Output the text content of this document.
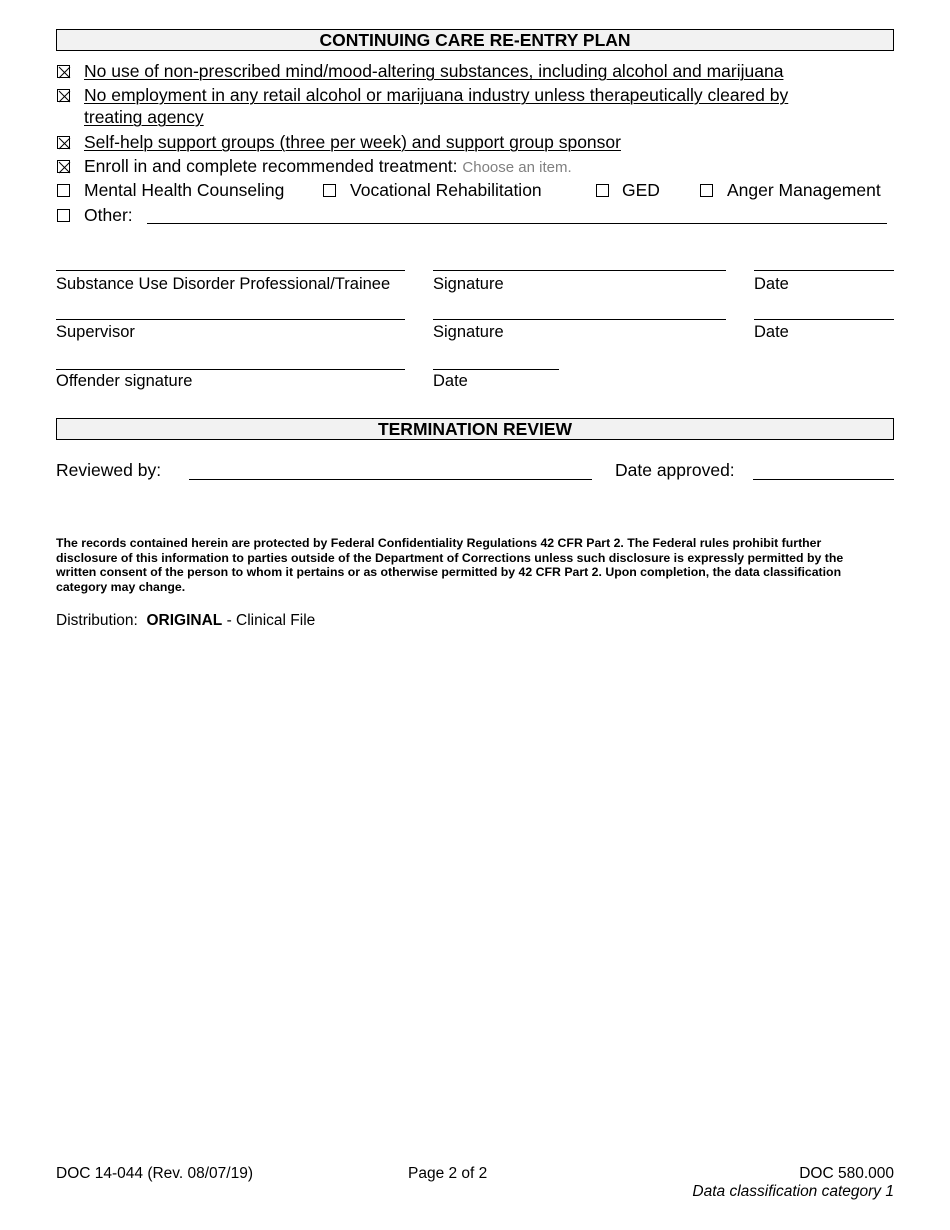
CONTINUING CARE RE-ENTRY PLAN
No use of non-prescribed mind/mood-altering substances, including alcohol and marijuana
No employment in any retail alcohol or marijuana industry unless therapeutically cleared by
treating agency
Self-help support groups (three per week) and support group sponsor
Enroll in and complete recommended treatment: Choose an item.
Mental Health Counseling	Vocational Rehabilitation	GED	Anger Management
Other:
Substance Use Disorder Professional/Trainee	Signature	Date
Supervisor	Signature	Date
Offender signature	Date
TERMINATION REVIEW
Reviewed by:	Date approved:
The records contained herein are protected by Federal Confidentiality Regulations 42 CFR Part 2. The Federal rules prohibit further disclosure of this information to parties outside of the Department of Corrections unless such disclosure is expressly permitted by the written consent of the person to whom it pertains or as otherwise permitted by 42 CFR Part 2. Upon completion, the data classification category may change.
Distribution: ORIGINAL - Clinical File
DOC 14-044 (Rev. 08/07/19)	Page 2 of 2	DOC 580.000
Data classification category 1
